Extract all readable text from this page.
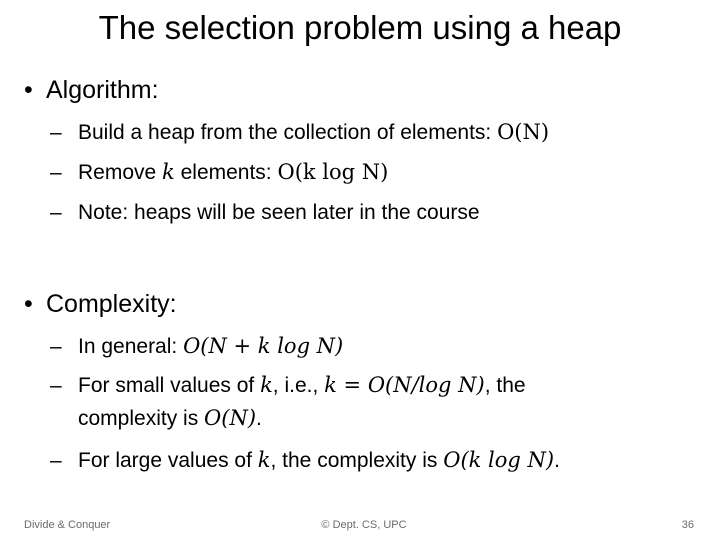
The selection problem using a heap
• Algorithm:
– Build a heap from the collection of elements: O(N)
– Remove k elements: O(k log N)
– Note: heaps will be seen later in the course
• Complexity:
– In general: O(N + k log N)
– For small values of k, i.e., k = O(N/log N), the
complexity is O(N).
– For large values of k, the complexity is O(k log N).
Divide & Conquer	© Dept. CS, UPC	36
